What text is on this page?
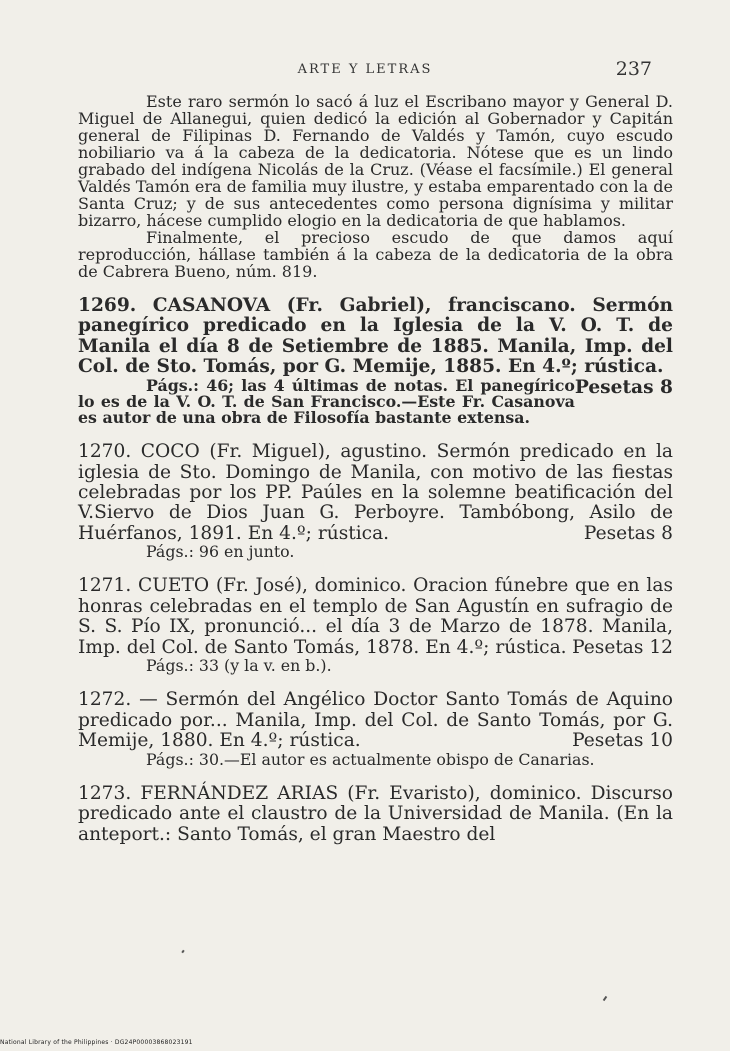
ARTE Y LETRAS	237

Este raro sermón lo sacó á luz el Escribano mayor y General D. Miguel de Allanegui, quien dedicó la edición al Gobernador y Capitán general de Filipinas D. Fernando de Valdés y Tamón, cuyo escudo nobiliario va á la cabeza de la dedicatoria. Nótese que es un lindo grabado del indígena Nicolás de la Cruz. (Véase el facsímile.) El general Valdés Tamón era de familia muy ilustre, y estaba emparentado con la de Santa Cruz; y de sus antecedentes como persona dignísima y militar bizarro, hácese cumplido elogio en la dedicatoria de que hablamos.

Finalmente, el precioso escudo de que damos aquí reproducción, hállase también á la cabeza de la dedicatoria de la obra de Cabrera Bueno, núm. 819.

1269. CASANOVA (Fr. Gabriel), franciscano. Sermón panegírico predicado en la Iglesia de la V. O. T. de Manila el día 8 de Setiembre de 1885. Manila, Imp. del Col. de Sto. Tomás, por G. Memije, 1885. En 4.º; rústica.
Pesetas 8

Págs.: 46; las 4 últimas de notas. El panegírico lo es de la V. O. T. de San Francisco.—Este Fr. Casanova es autor de una obra de Filosofía bastante extensa.

1270. COCO (Fr. Miguel), agustino. Sermón predicado en la iglesia de Sto. Domingo de Manila, con motivo de las fiestas celebradas por los PP. Paúles en la solemne beatificación del V.Siervo de Dios Juan G. Perboyre. Tambóbong, Asilo de Huérfanos, 1891. En 4.º; rústica.	Pesetas 8

Págs.: 96 en junto.

1271. CUETO (Fr. José), dominico. Oracion fúnebre que en las honras celebradas en el templo de San Agustín en sufragio de S. S. Pío IX, pronunció... el día 3 de Marzo de 1878. Manila, Imp. del Col. de Santo Tomás, 1878. En 4.º; rústica. Pesetas 12

Págs.: 33 (y la v. en b.).

1272. — Sermón del Angélico Doctor Santo Tomás de Aquino predicado por... Manila, Imp. del Col. de Santo Tomás, por G. Memije, 1880. En 4.º; rústica.	Pesetas 10

Págs.: 30.—El autor es actualmente obispo de Canarias.

1273. FERNÁNDEZ ARIAS (Fr. Evaristo), dominico. Discurso predicado ante el claustro de la Universidad de Manila. (En la anteport.: Santo Tomás, el gran Maestro del

National Library of the Philippines · DG24P00003868023191
